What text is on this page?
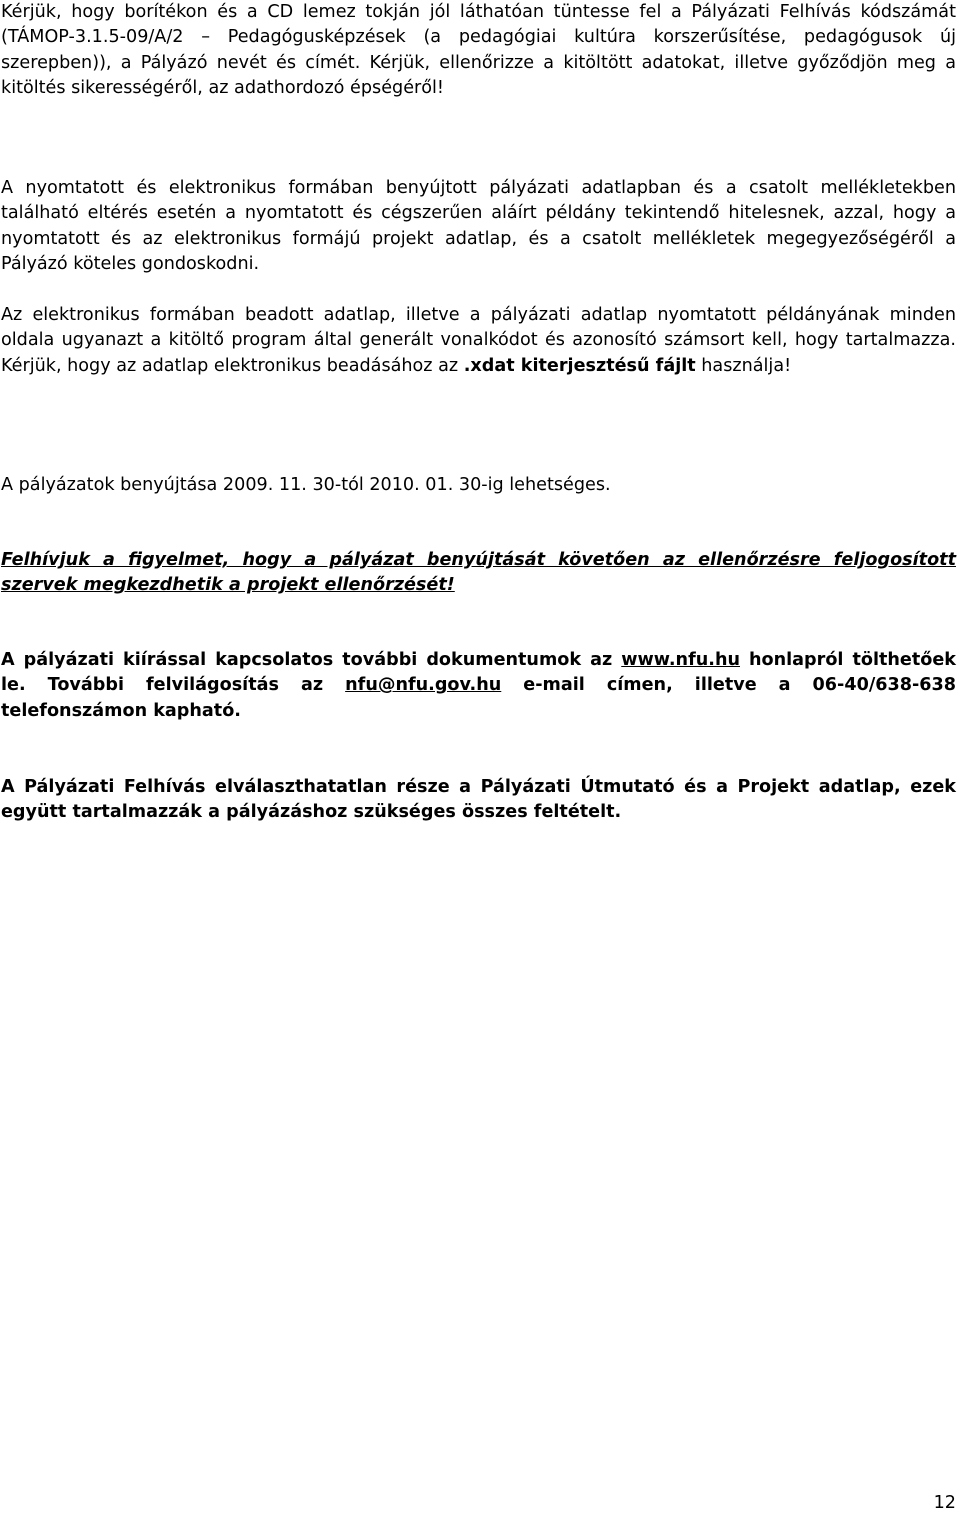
Kérjük, hogy borítékon és a CD lemez tokján jól láthatóan tüntesse fel a Pályázati Felhívás kódszámát (TÁMOP-3.1.5-09/A/2 – Pedagógusképzések (a pedagógiai kultúra korszerűsítése, pedagógusok új szerepben)), a Pályázó nevét és címét. Kérjük, ellenőrizze a kitöltött adatokat, illetve győződjön meg a kitöltés sikerességéről, az adathordozó épségéről!

A nyomtatott és elektronikus formában benyújtott pályázati adatlapban és a csatolt mellékletekben található eltérés esetén a nyomtatott és cégszerűen aláírt példány tekintendő hitelesnek, azzal, hogy a nyomtatott és az elektronikus formájú projekt adatlap, és a csatolt mellékletek megegyezőségéről a Pályázó köteles gondoskodni.

Az elektronikus formában beadott adatlap, illetve a pályázati adatlap nyomtatott példányának minden oldala ugyanazt a kitöltő program által generált vonalkódot és azonosító számsort kell, hogy tartalmazza. Kérjük, hogy az adatlap elektronikus beadásához az .xdat kiterjesztésű fájlt használja!

A pályázatok benyújtása 2009. 11. 30-tól 2010. 01. 30-ig lehetséges.

Felhívjuk a figyelmet, hogy a pályázat benyújtását követően az ellenőrzésre feljogosított szervek megkezdhetik a projekt ellenőrzését!

A pályázati kiírással kapcsolatos további dokumentumok az www.nfu.hu honlapról tölthetőek le. További felvilágosítás az nfu@nfu.gov.hu e-mail címen, illetve a 06-40/638-638 telefonszámon kapható.

A Pályázati Felhívás elválaszthatatlan része a Pályázati Útmutató és a Projekt adatlap, ezek együtt tartalmazzák a pályázáshoz szükséges összes feltételt.

12
